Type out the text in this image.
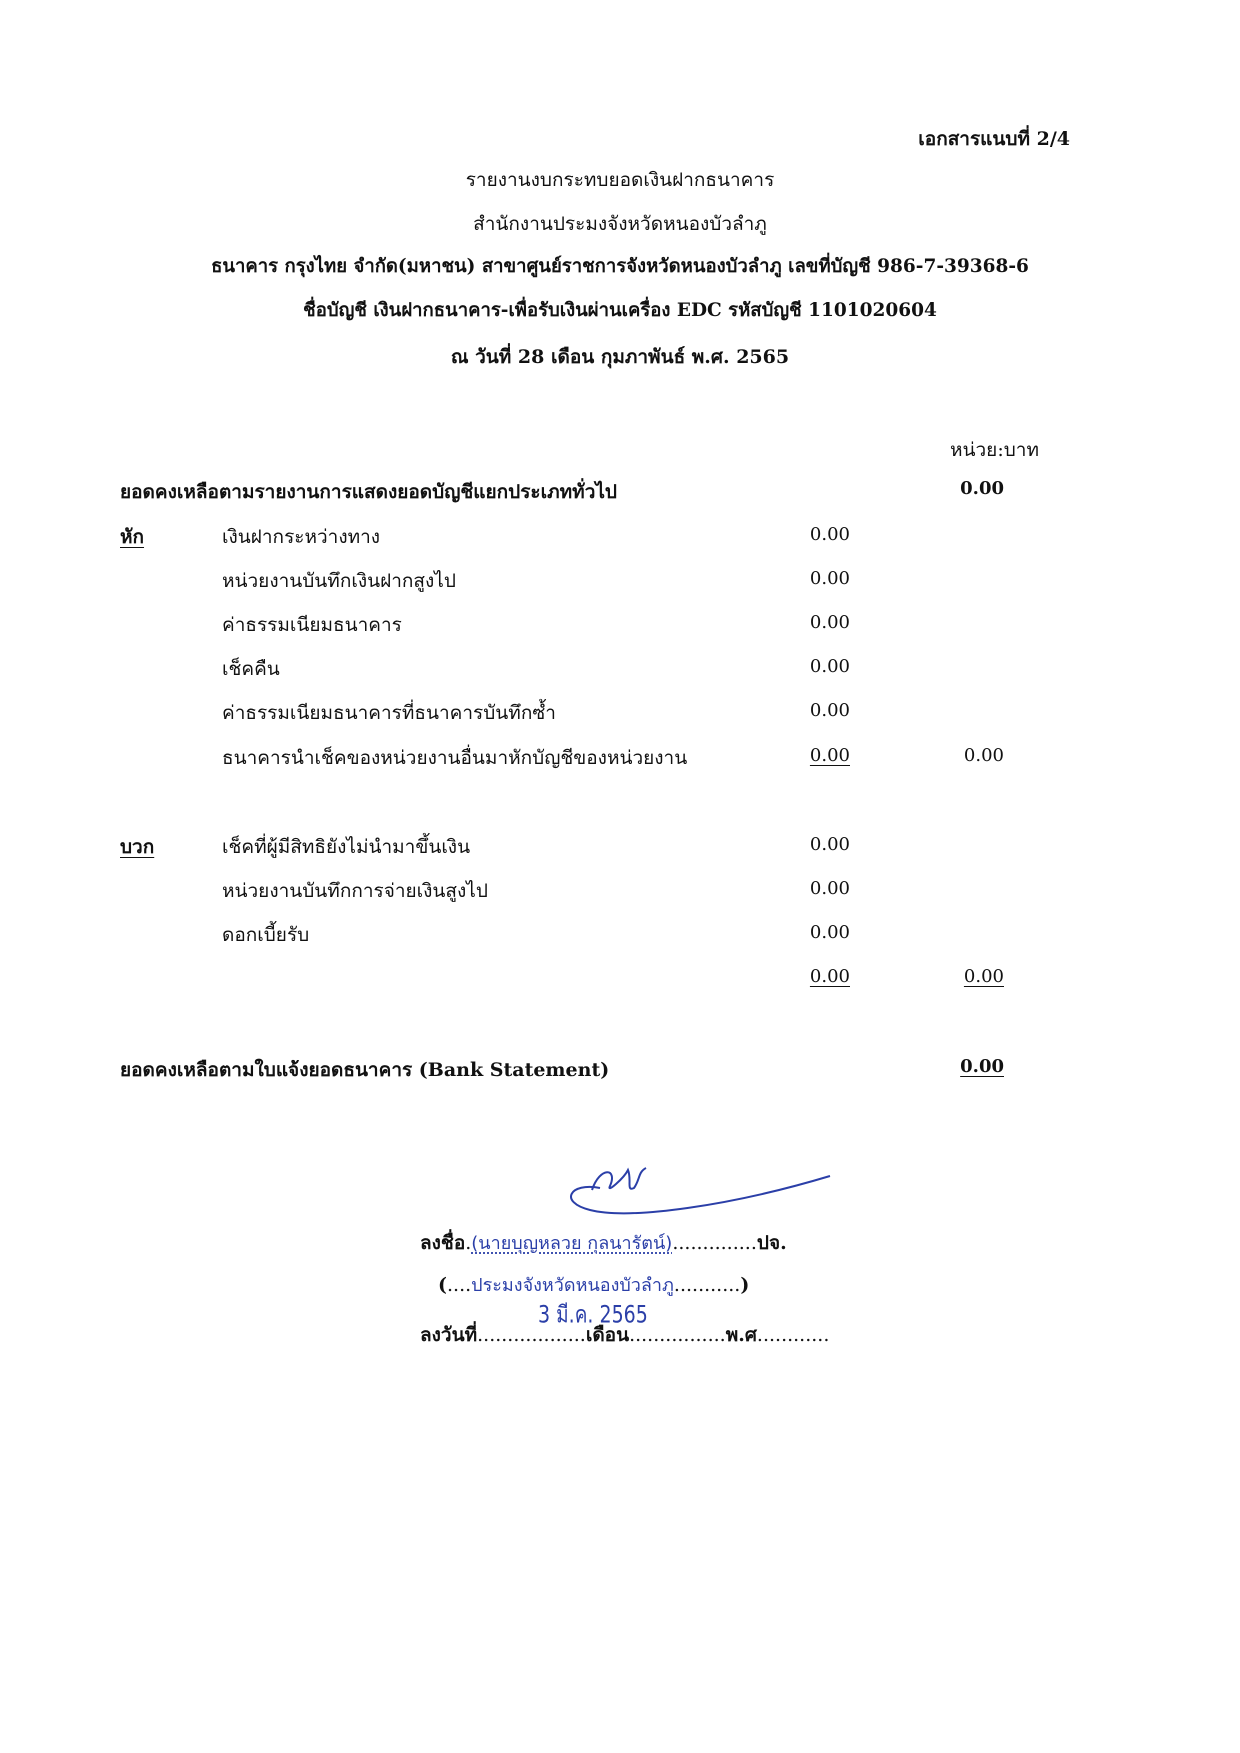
เอกสารแนบที่ 2/4
รายงานงบกระทบยอดเงินฝากธนาคาร
สำนักงานประมงจังหวัดหนองบัวลำภู
ธนาคาร กรุงไทย จำกัด(มหาชน) สาขาศูนย์ราชการจังหวัดหนองบัวลำภู เลขที่บัญชี 986-7-39368-6
ชื่อบัญชี เงินฝากธนาคาร-เพื่อรับเงินผ่านเครื่อง EDC รหัสบัญชี 1101020604
ณ วันที่ 28 เดือน กุมภาพันธ์ พ.ศ. 2565
หน่วย:บาท
ยอดคงเหลือตามรายงานการแสดงยอดบัญชีแยกประเภททั่วไป	0.00
หัก	เงินฝากระหว่างทาง	0.00
หน่วยงานบันทึกเงินฝากสูงไป	0.00
ค่าธรรมเนียมธนาคาร	0.00
เช็คคืน	0.00
ค่าธรรมเนียมธนาคารที่ธนาคารบันทึกซ้ำ	0.00
ธนาคารนำเช็คของหน่วยงานอื่นมาหักบัญชีของหน่วยงาน	0.00	0.00
บวก	เช็คที่ผู้มีสิทธิยังไม่นำมาขึ้นเงิน	0.00
หน่วยงานบันทึกการจ่ายเงินสูงไป	0.00
ดอกเบี้ยรับ	0.00
0.00	0.00
ยอดคงเหลือตามใบแจ้งยอดธนาคาร (Bank Statement)	0.00
ลงชื่อ.(นายบุญหลวย กุลนารัตน์)..............ปจ.
(....ประมงจังหวัดหนองบัวลำภู...........)
3 มี.ค. 2565
ลงวันที่..................เดือน................พ.ศ............
